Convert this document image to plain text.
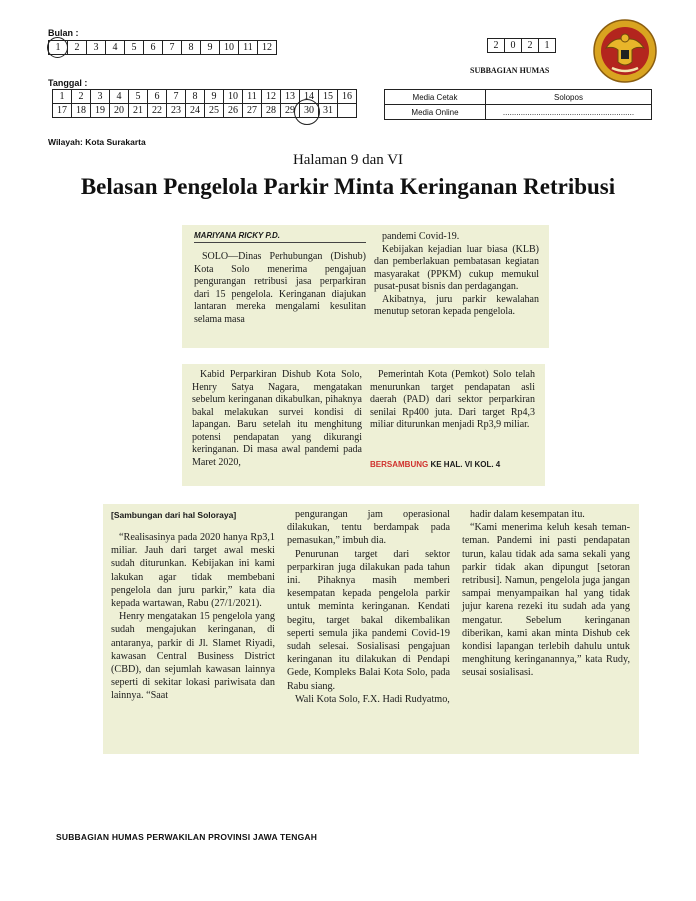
Bulan :
1	2	3	4	5	6	7	8	9	10	11	12	2	0	2	1
SUBBAGIAN HUMAS
Tanggal :
1	2	3	4	5	6	7	8	9	10	11	12	13	14	15	16
17	18	19	20	21	22	23	24	25	26	27	28	29	30	31	
Media Cetak	Solopos
Media Online	...........................................................
Wilayah: Kota Surakarta
Halaman 9 dan VI
Belasan Pengelola Parkir Minta Keringanan Retribusi
MARIYANA RICKY P.D.

SOLO—Dinas Perhubungan (Dishub) Kota Solo menerima pengajuan pengurangan retribusi jasa perparkiran dari 15 pengelola. Keringanan diajukan lantaran mereka mengalami kesulitan selama masa

pandemi Covid-19.

Kebijakan kejadian luar biasa (KLB) dan pemberlakuan pembatasan kegiatan masyarakat (PPKM) cukup memukul pusat-pusat bisnis dan perdagangan.

Akibatnya, juru parkir kewalahan menutup setoran kepada pengelola.

Kabid Perparkiran Dishub Kota Solo, Henry Satya Nagara, mengatakan sebelum keringanan dikabulkan, pihaknya bakal melakukan survei kondisi di lapangan. Baru setelah itu menghitung potensi pendapatan yang dikurangi keringanan. Di masa awal pandemi pada Maret 2020,

Pemerintah Kota (Pemkot) Solo telah menurunkan target pendapatan asli daerah (PAD) dari sektor perparkiran senilai Rp400 juta. Dari target Rp4,3 miliar diturunkan menjadi Rp3,9 miliar.

BERSAMBUNG KE HAL. VI KOL. 4
[Sambungan dari hal Soloraya]

“Realisasinya pada 2020 hanya Rp3,1 miliar. Jauh dari target awal meski sudah diturunkan. Kebijakan ini kami lakukan agar tidak membebani pengelola dan juru parkir,” kata dia kepada wartawan, Rabu (27/1/2021).

Henry mengatakan 15 pengelola yang sudah mengajukan keringanan, di antaranya, parkir di Jl. Slamet Riyadi, kawasan Central Business District (CBD), dan sejumlah kawasan lainnya seperti di sekitar lokasi pariwisata dan lainnya. “Saat

pengurangan jam operasional dilakukan, tentu berdampak pada pemasukan,” imbuh dia.

Penurunan target dari sektor perparkiran juga dilakukan pada tahun ini. Pihaknya masih memberi kesempatan kepada pengelola parkir untuk meminta keringanan. Kendati begitu, target bakal dikembalikan seperti semula jika pandemi Covid-19 sudah selesai. Sosialisasi pengajuan keringanan itu dilakukan di Pendapi Gede, Kompleks Balai Kota Solo, pada Rabu siang.

Wali Kota Solo, F.X. Hadi Rudyatmo,

hadir dalam kesempatan itu.

“Kami menerima keluh kesah teman-teman. Pandemi ini pasti pendapatan turun, kalau tidak ada sama sekali yang parkir tidak akan dipungut [setoran retribusi]. Namun, pengelola juga jangan sampai menyampaikan hal yang tidak jujur karena rezeki itu sudah ada yang mengatur. Sebelum keringanan diberikan, kami akan minta Dishub cek kondisi lapangan terlebih dahulu untuk menghitung keringanannya,” kata Rudy, seusai sosialisasi.

SUBBAGIAN HUMAS PERWAKILAN PROVINSI JAWA TENGAH
